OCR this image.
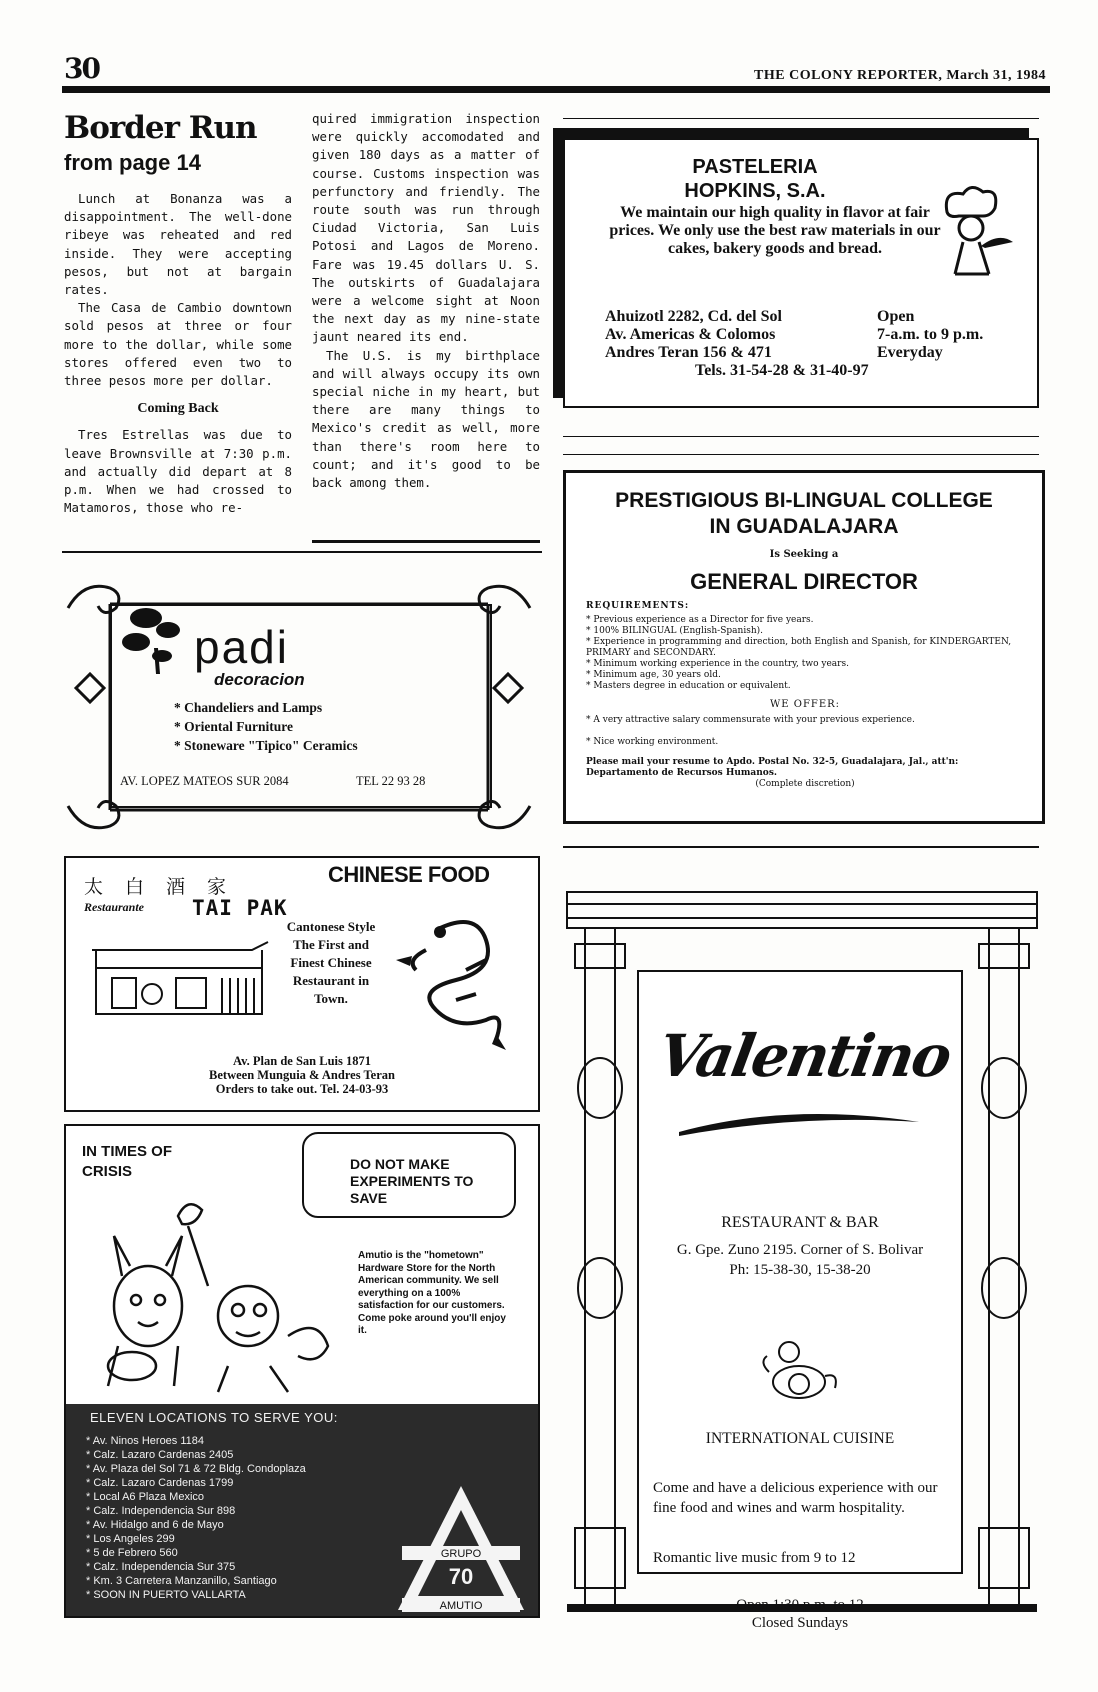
30	THE COLONY REPORTER, March 31, 1984
Border Run
from page 14

Lunch at Bonanza was a disappointment. The well-done ribeye was reheated and red inside. They were accepting pesos, but not at bargain rates.

The Casa de Cambio downtown sold pesos at three or four more to the dollar, while some stores offered even two to three pesos more per dollar.

Coming Back

Tres Estrellas was due to leave Brownsville at 7:30 p.m. and actually did depart at 8 p.m. When we had crossed to Matamoros, those who re-

quired immigration inspection were quickly accomodated and given 180 days as a matter of course. Customs inspection was perfunctory and friendly. The route south was run through Ciudad Victoria, San Luis Potosi and Lagos de Moreno. Fare was 19.45 dollars U. S. The outskirts of Guadalajara were a welcome sight at Noon the next day as my nine-state jaunt neared its end.

The U.S. is my birthplace and will always occupy its own special niche in my heart, but there are many things to Mexico's credit as well, more than there's room here to count; and it's good to be back among them.

PASTELERIA
HOPKINS, S.A.
We maintain our high quality in flavor at fair prices. We only use the best raw materials in our cakes, bakery goods and bread.
Ahuizotl 2282, Cd. del Sol
Av. Americas & Colomos
Andres Teran 156 & 471
Open
7-a.m. to 9 p.m.
Everyday
Tels. 31-54-28 & 31-40-97
PRESTIGIOUS BI-LINGUAL COLLEGE
IN GUADALAJARA
Is Seeking a
GENERAL DIRECTOR
REQUIREMENTS:
* Previous experience as a Director for five years.
* 100% BILINGUAL (English-Spanish).
* Experience in programming and direction, both English and Spanish, for KINDERGARTEN, PRIMARY and SECONDARY.
* Minimum working experience in the country, two years.
* Minimum age, 30 years old.
* Masters degree in education or equivalent.
WE OFFER:
* A very attractive salary commensurate with your previous experience.
* Nice working environment.
Please mail your resume to Apdo. Postal No. 32-5, Guadalajara, Jal., att'n: Departamento de Recursos Humanos.
(Complete discretion)
padi
decoracion
* Chandeliers and Lamps
* Oriental Furniture
* Stoneware "Tipico" Ceramics
AV. LOPEZ MATEOS SUR 2084	TEL 22 93 28
太白酒家
Restaurante TAI PAK
CHINESE FOOD
Cantonese Style The First and Finest Chinese Restaurant in Town.
Av. Plan de San Luis 1871
Between Munguia & Andres Teran
Orders to take out. Tel. 24-03-93
IN TIMES OF CRISIS	DO NOT MAKE EXPERIMENTS TO SAVE
Amutio is the "hometown" Hardware Store for the North American community. We sell everything on a 100% satisfaction for our customers. Come poke around you'll enjoy it.
ELEVEN LOCATIONS TO SERVE YOU:
* Av. Ninos Heroes 1184
* Calz. Lazaro Cardenas 2405
* Av. Plaza del Sol 71 & 72 Bldg. Condoplaza
* Calz. Lazaro Cardenas 1799
* Local A6 Plaza Mexico
* Calz. Independencia Sur 898
* Av. Hidalgo and 6 de Mayo
* Los Angeles 299
* 5 de Febrero 560
* Calz. Independencia Sur 375
* Km. 3 Carretera Manzanillo, Santiago
* SOON IN PUERTO VALLARTA
GRUPO
70
AMUTIO
Valentino
RESTAURANT & BAR
G. Gpe. Zuno 2195. Corner of S. Bolivar
Ph: 15-38-30, 15-38-20
INTERNATIONAL CUISINE
Come and have a delicious experience with our fine food and wines and warm hospitality.
Romantic live music from 9 to 12
Open 1:30 p.m. to 12
Closed Sundays
